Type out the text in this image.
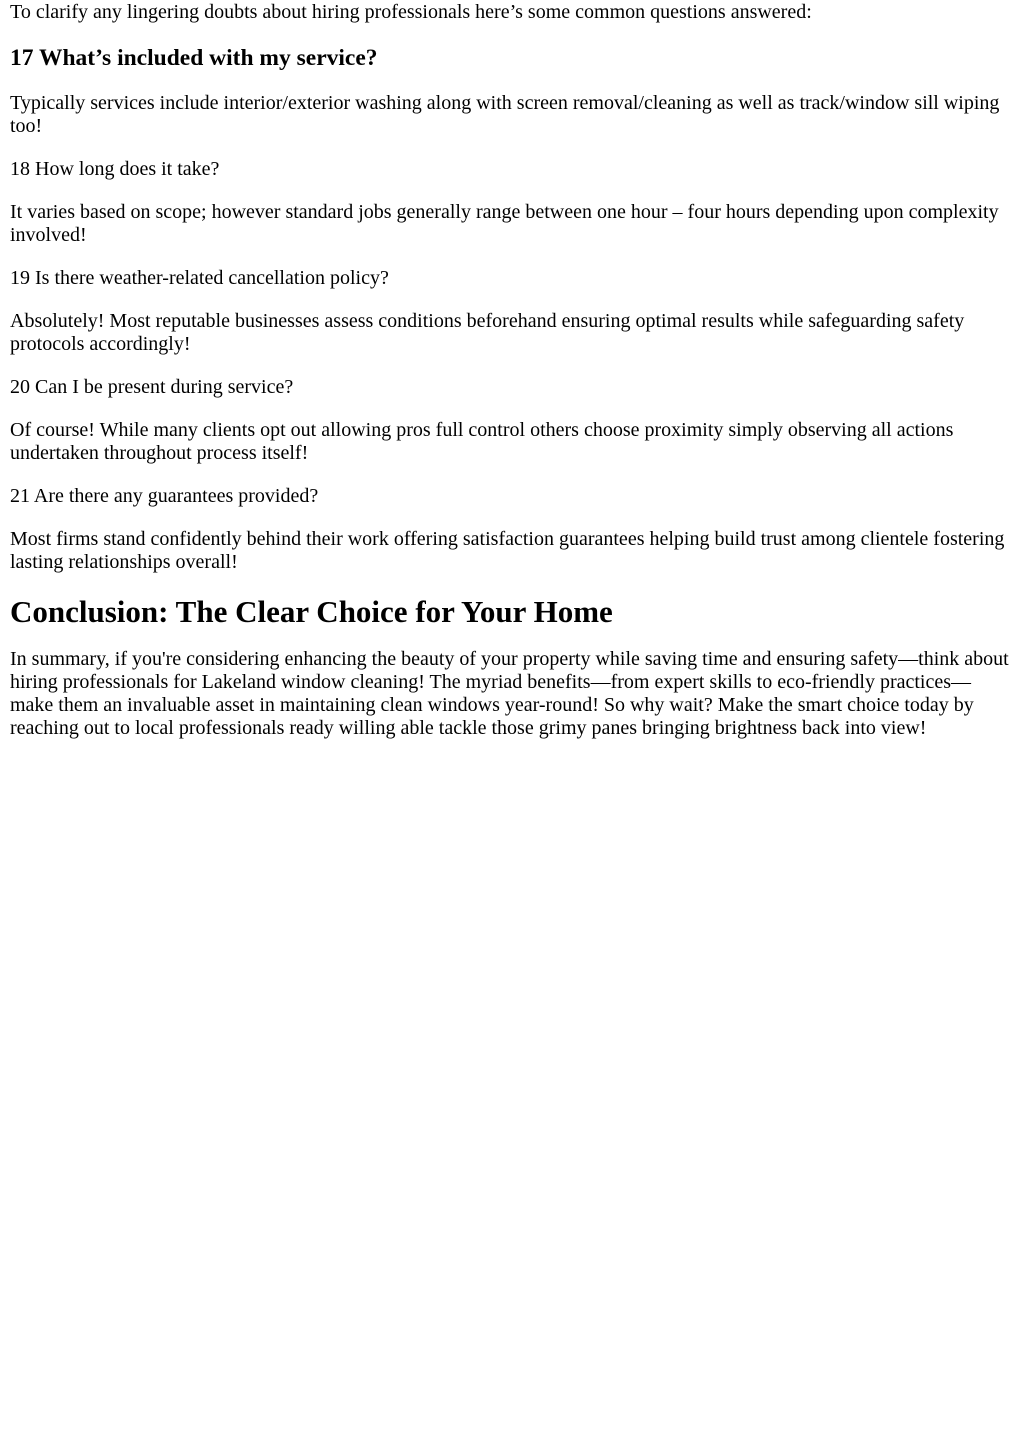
To clarify any lingering doubts about hiring professionals here’s some common questions answered:

17 What’s included with my service?

Typically services include interior/exterior washing along with screen removal/cleaning as well as track/window sill wiping too!

18 How long does it take?

It varies based on scope; however standard jobs generally range between one hour – four hours depending upon complexity involved!

19 Is there weather-related cancellation policy?

Absolutely! Most reputable businesses assess conditions beforehand ensuring optimal results while safeguarding safety protocols accordingly!

20 Can I be present during service?

Of course! While many clients opt out allowing pros full control others choose proximity simply observing all actions undertaken throughout process itself!

21 Are there any guarantees provided?

Most firms stand confidently behind their work offering satisfaction guarantees helping build trust among clientele fostering lasting relationships overall!

Conclusion: The Clear Choice for Your Home

In summary, if you're considering enhancing the beauty of your property while saving time and ensuring safety—think about hiring professionals for Lakeland window cleaning! The myriad benefits—from expert skills to eco-friendly practices—make them an invaluable asset in maintaining clean windows year-round! So why wait? Make the smart choice today by reaching out to local professionals ready willing able tackle those grimy panes bringing brightness back into view!
